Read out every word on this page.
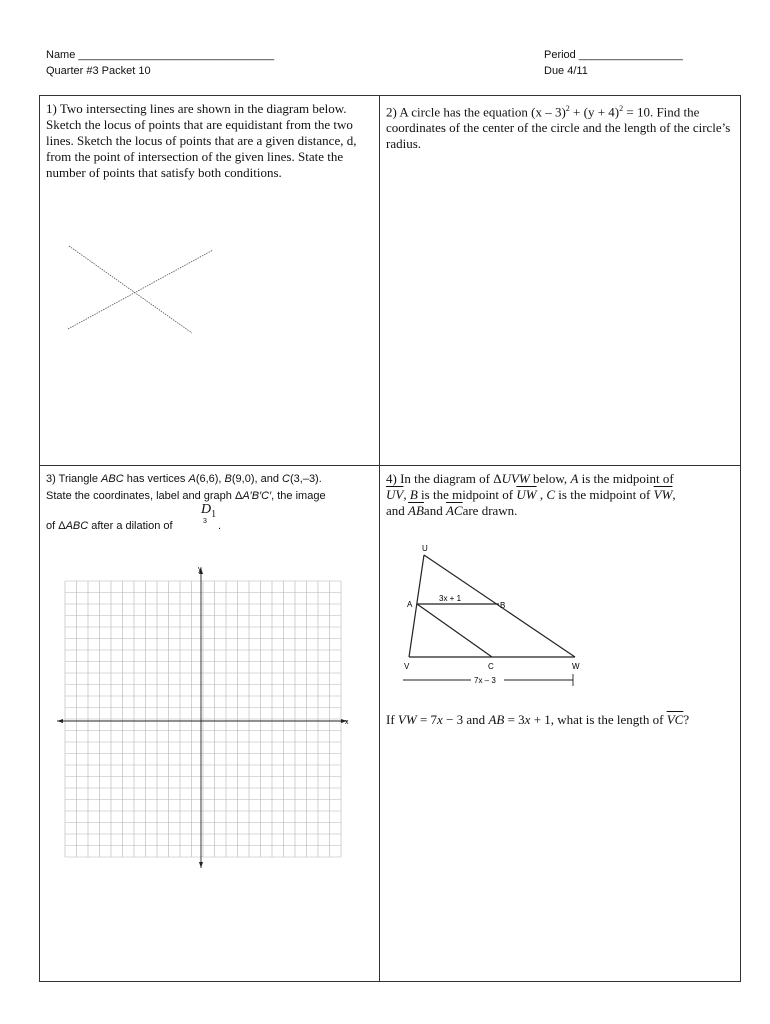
Name ________________________________
Quarter #3 Packet 10
Period _________________
Due 4/11
1) Two intersecting lines are shown in the diagram below. Sketch the locus of points that are equidistant from the two lines. Sketch the locus of points that are a given distance, d, from the point of intersection of the given lines. State the number of points that satisfy both conditions.
2) A circle has the equation $(x - 3)^2 + (y + 4)^2 = 10$. Find the coordinates of the center of the circle and the length of the circle’s radius.
3) Triangle ABC has vertices A(6,6), B(9,0), and C(3,–3).
State the coordinates, label and graph ΔA′B′C′, the image
$D_1$
of ΔABC after a dilation of	3 .
x
y
4) In the diagram of ΔUVW below, A is the midpoint of
$\overline{UV}$, B is the midpoint of $\overline{UW}$ , C is the midpoint of $\overline{VW}$,
and $\overline{AB}and$ $\overline{AC}are$ drawn.
U
A	B
V	C	W
3x + 1
7x – 3
If VW = 7x − 3 and AB = 3x + 1, what is the length of $\overline{VC}$?
